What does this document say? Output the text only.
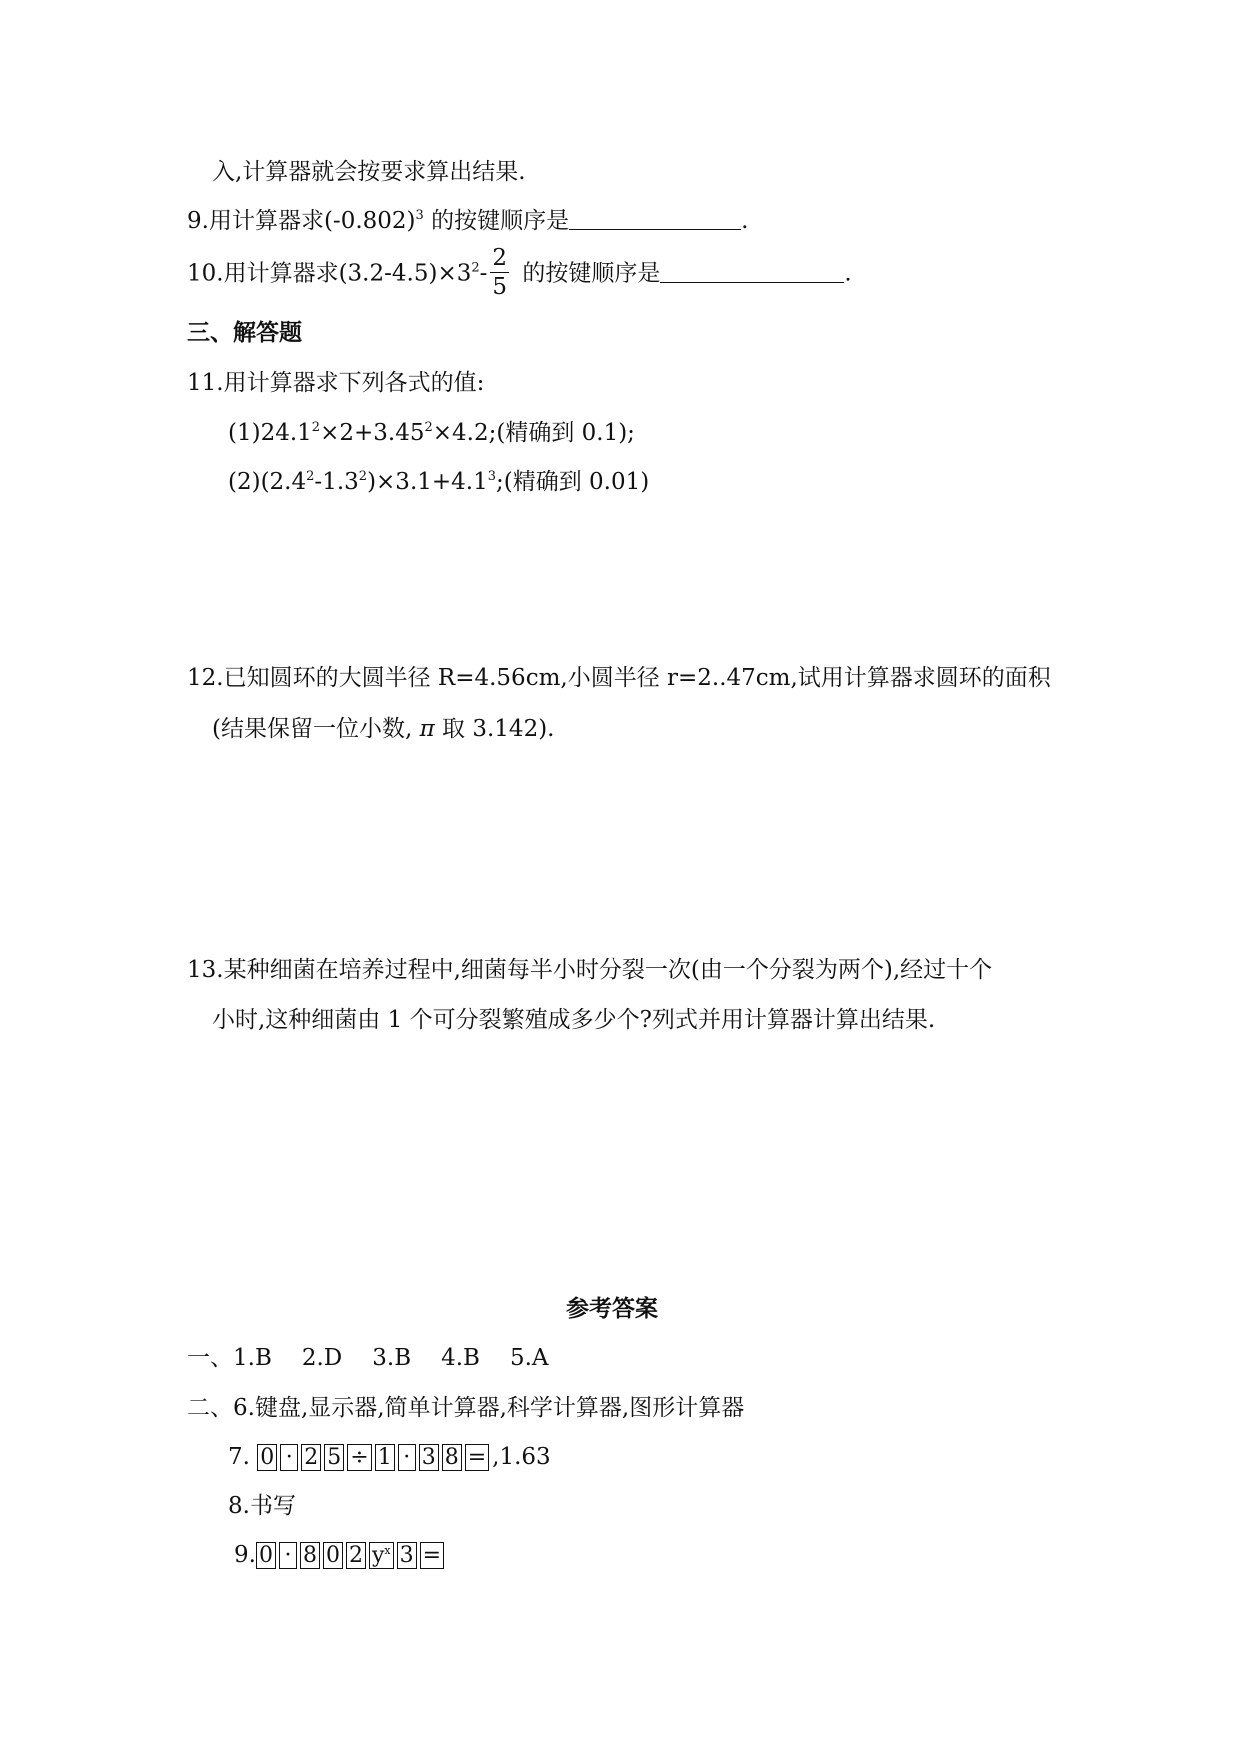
入,计算器就会按要求算出结果.
9.用计算器求$(-0.802)^3$ 的按键顺序是	.
10.用计算器求$(3.2-4.5)\times 3^2- \frac{2}{5}$ 的按键顺序是	.
三、解答题
11.用计算器求下列各式的值:
$(1)24.1^2\times 2+3.45^2\times 4.2$;(精确到 0.1);
$(2)(2.4^2-1.3^2)\times 3.1+4.1^3$;(精确到 0.01)
12.已知圆环的大圆半径 R=4.56cm,小圆半径 r=2..47cm,试用计算器求圆环的面积
(结果保留一位小数, π 取 3.142).
13.某种细菌在培养过程中,细菌每半小时分裂一次(由一个分裂为两个),经过十个
小时,这种细菌由 1 个可分裂繁殖成多少个?列式并用计算器计算出结果.
参考答案
一、1.B 2.D 3.B 4.B 5.A
二、6.键盘,显示器,简单计算器,科学计算器,图形计算器
7. 0 · 2 5 ÷ 1 · 3 8 = ,1.63
8.书写
9. 0 · 8 0 2 $y^x$ 3 =
